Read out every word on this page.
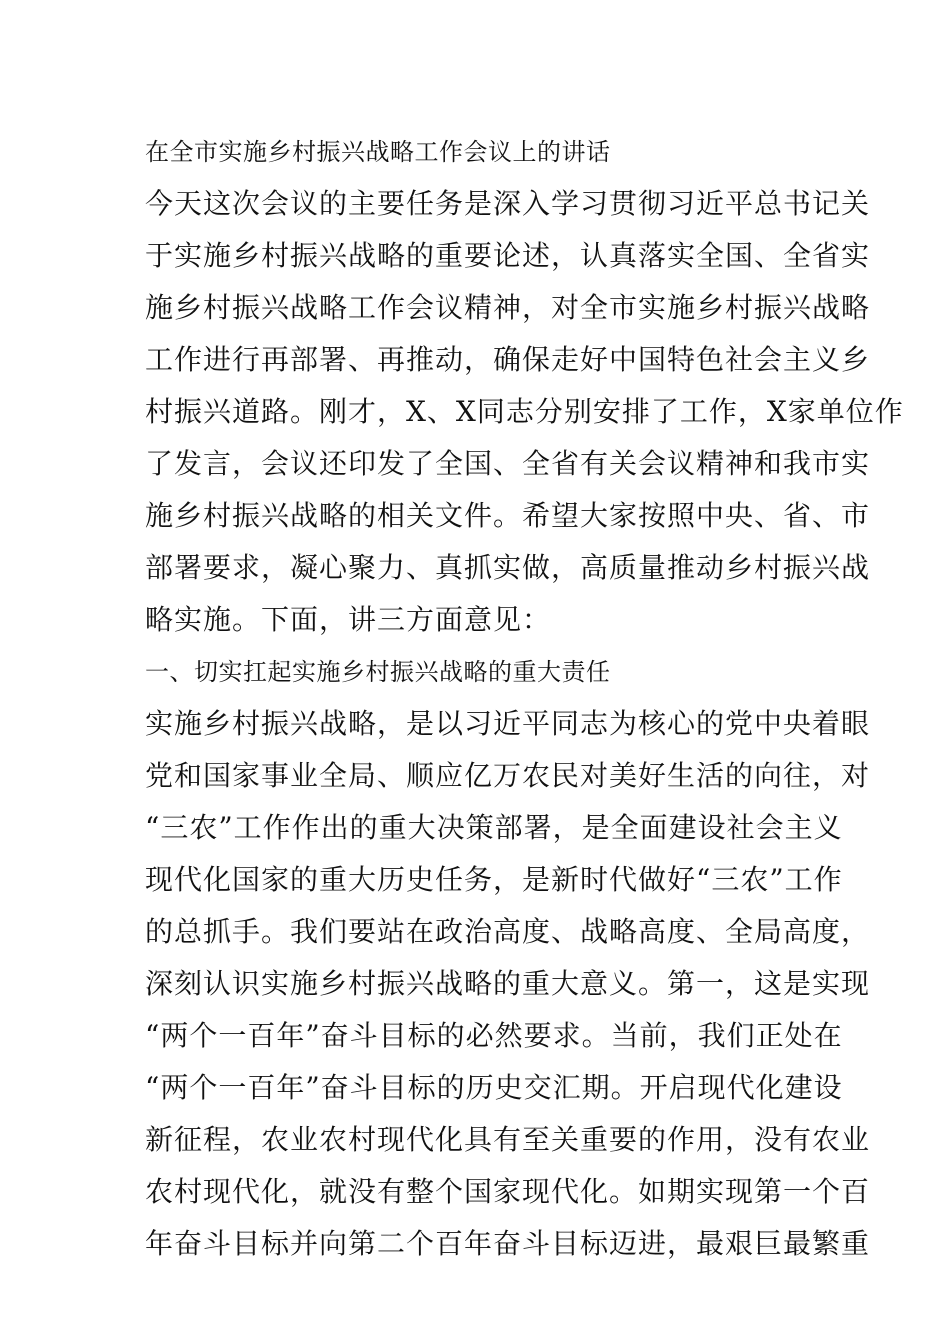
在全市实施乡村振兴战略工作会议上的讲话
今天这次会议的主要任务是深入学习贯彻习近平总书记关
于实施乡村振兴战略的重要论述，认真落实全国、全省实
施乡村振兴战略工作会议精神，对全市实施乡村振兴战略
工作进行再部署、再推动，确保走好中国特色社会主义乡
村振兴道路。刚才，X、X同志分别安排了工作，X家单位作
了发言，会议还印发了全国、全省有关会议精神和我市实
施乡村振兴战略的相关文件。希望大家按照中央、省、市
部署要求，凝心聚力、真抓实做，高质量推动乡村振兴战
略实施。下面，讲三方面意见：
一、切实扛起实施乡村振兴战略的重大责任
实施乡村振兴战略，是以习近平同志为核心的党中央着眼
党和国家事业全局、顺应亿万农民对美好生活的向往，对
“三农”工作作出的重大决策部署，是全面建设社会主义
现代化国家的重大历史任务，是新时代做好“三农”工作
的总抓手。我们要站在政治高度、战略高度、全局高度，
深刻认识实施乡村振兴战略的重大意义。第一，这是实现
“两个一百年”奋斗目标的必然要求。当前，我们正处在
“两个一百年”奋斗目标的历史交汇期。开启现代化建设
新征程，农业农村现代化具有至关重要的作用，没有农业
农村现代化，就没有整个国家现代化。如期实现第一个百
年奋斗目标并向第二个百年奋斗目标迈进，最艰巨最繁重
